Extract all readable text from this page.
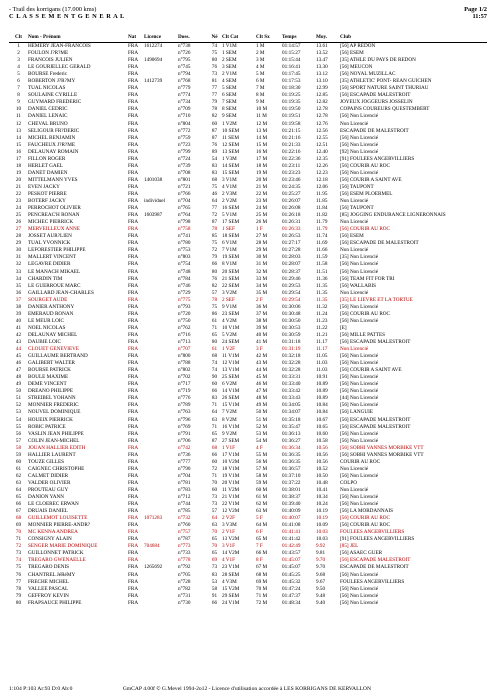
- Trail des korrigans (17.000 kms)
C L A S S E M E N T G E N E R A L
Page 1/2
11:57
Clt	Nom - Prénom	Nat	Licence	Doss.	Né	Clt Cat	Clt Sx	Temps	Moy.	Club
1	HEMERY JEAN-FRANCOIS	FRA	1612274	n°738	74	1 V1M	1 M	01:14:57	13.61	[56] AP REDON
2	FOULON J?R?ME	FRA		n°726	75	1 SEM	2 M	01:15:27	13.52	[56] ESEM
3	FRANCOIS JULIEN	FRA	1490694	n°795	80	2 SEM	3 M	01:15:44	13.47	[35] ATHLE DU PAYS DE REDON
4	LE GOURIELLEC GERALD	FRA		n°745	76	3 SEM	4 M	01:16:41	13.30	[56] MEUCON
5	BOURSE Frederic	FRA		n°794	73	2 V1M	5 M	01:17:45	13.12	[56] NOYAL MUZILLAC
6	ROBERTON J?R?MY	FRA	1412739	n°768	81	4 SEM	6 M	01:17:53	13.10	[35] ATHLETIC' PONT- REAN GUICHEN
7	TUAL NICOLAS	FRA		n°779	77	5 SEM	7 M	01:18:30	12.99	[56] SPORT NATURE SAINT THURIAU
8	SOULAINE CYRILLE	FRA		n°774	77	6 SEM	8 M	01:19:25	12.85	[56] ESCAPADE MALESTROIT
9	GUYMARD FREDERIC	FRA		n°734	79	7 SEM	9 M	01:19:35	12.82	JOYEUX JOGGEURS JOSSELIN
10	DANIEL CEDRIC	FRA		n°709	78	8 SEM	10 M	01:19:50	12.78	COPAINS COUREURS QUESTEMBERT
11	DANIEL LENAIC	FRA		n°710	82	9 SEM	11 M	01:19:51	12.78	[56] Non Licencié
12	CHEVAL BRUNO	FRA		n°804	60	1 V2M	12 M	01:19:58	12.76	Non Licencié
13	SELIGOUR FR?DERIC	FRA		n°772	87	10 SEM	13 M	01:21:15	12.56	ESCAPADE DE MALESTROIT
14	MICHEL BENJAMIN	FRA		n°759	87	11 SEM	14 M	01:21:16	12.55	[56] Non Licencié
15	FAUCHEUX J?R?ME	FRA		n°723	76	12 SEM	15 M	01:21:33	12.51	[56] Non Licencié
16	DELAUNAY ROMAIN	FRA		n°799	89	13 SEM	16 M	01:22:16	12.40	[92] Non Licencié
17	FILLON ROGER	FRA		n°724	54	1 V3M	17 M	01:22:36	12.35	[91] FOULEES ANGERVILLIERS
18	HERLET GAEL	FRA		n°739	83	14 SEM	18 M	01:23:11	12.26	[56] COURIR AU ROC
19	DANET DAMIEN	FRA		n°708	83	15 SEM	19 M	01:23:23	12.23	[56] Non Licencié
20	MITTELMANN YVES	FRA	1401038	n°801	68	3 V1M	20 M	01:23:46	12.18	[56] COURIR A SAINT AVE
21	EVEN JACKY	FRA		n°721	75	4 V1M	21 M	01:24:35	12.06	[56] TAUPONT
22	PESKOT PIERRE	FRA		n°766	46	2 V3M	22 M	01:25:27	11.95	[56] ESEM PLOERMEL
23	BOTERF JACKY	FRA	individuel	n°704	64	2 V2M	23 M	01:26:07	11.85	Non Licencié
24	PERROCHOT OLIVIER	FRA		n°765	77	16 SEM	24 M	01:26:08	11.84	[56] TAUPONT
25	PENCREAC'H RONAN	FRA	1603987	n°764	72	5 V1M	25 M	01:26:18	11.82	[85] JOGGING ENDURANCE LIGNERONNAIS
26	MICHEC PIERRICK	FRA		n°798	87	17 SEM	26 M	01:26:31	11.79	Non Licencié
27	MERVEILLEUX ANNE	FRA		n°758	78	1 SEF	1 F	01:26:33	11.79	[56] COURIR AU ROC
28	JOSSET AUR?LIEN	FRA		n°741	85	18 SEM	27 M	01:26:53	11.74	[56] ESEM
29	TUAL YVONNICK	FRA		n°780	75	6 V1M	28 M	01:27:17	11.69	[56] ESCAPADE DE MALESTROIT
30	LEFORESTIER PHILIPPE	FRA		n°753	72	7 V1M	29 M	01:27:28	11.66	Non Licencié
31	MALLERT VINCENT	FRA		n°803	79	19 SEM	30 M	01:28:03	11.59	[35] Non Licencié
32	LEGAVRE DIDIER	FRA		n°754	66	8 V1M	31 M	01:28:07	11.58	[56] Non Licencié
33	LE MANACH MIKAEL	FRA		n°748	80	20 SEM	32 M	01:28:37	11.51	[56] Non Licencié
34	CHARDIN TIM	FRA		n°784	76	21 SEM	33 M	01:29:46	11.36	[56] TEAM FIT FOR TRI
35	LE GUERROUE MARC	FRA		n°746	82	22 SEM	34 M	01:29:53	11.35	[56] WALLABIS
36	GAILLARD JEAN-CHARLES	FRA		n°729	57	3 V2M	35 M	01:29:54	11.35	Non Licencié
37	SOURGET AUDE	FRA		n°775	78	2 SEF	2 F	01:29:54	11.35	[35] LE LIEVRE ET LA TORTUE
38	DANIER ANTHONY	FRA		n°793	75	9 V1M	36 M	01:30:06	11.32	[56] Non Licencié
39	EMERAUD RONAN	FRA		n°720	86	23 SEM	37 M	01:30:48	11.24	[56] COURIR AU ROC
40	LE MEUR LOIC	FRA		n°750	61	4 V2M	38 M	01:30:50	11.23	[56] Non Licencié
41	NOEL NICOLAS	FRA		n°762	71	10 V1M	39 M	01:30:53	11.22	[E]
42	DELAUNAY MICHEL	FRA		n°716	65	5 V2M	40 M	01:30:59	11.21	[56] MILLE PATTES
43	DAUBIE LOIC	FRA		n°713	80	24 SEM	41 M	01:31:18	11.17	[56] ESCAPADE MALESTROIT
44	CLOUET GENEVIEVE	FRA		n°707	61	1 V2F	3 F	01:31:19	11.17	Non Licencié
45	GUILLAUME BERTRAND	FRA		n°800	68	11 V1M	42 M	01:32:18	11.05	[56] Non Licencié
46	GALIBERT WALTER	FRA		n°788	74	12 V1M	43 M	01:32:28	11.03	[56] Non Licencié
47	BOURSE PATRICK	FRA		n°802	74	13 V1M	44 M	01:32:28	11.03	[56] COURIR A SAINT AVE
48	BOULE MAXIME	FRA		n°702	90	25 SEM	45 M	01:33:31	10.91	[56] Non Licencié
49	DEMÉ VINCENT	FRA		n°717	60	6 V2M	46 M	01:33:40	10.89	[56] Non Licencié
50	DREANO PHILIPPE	FRA		n°719	66	14 V1M	47 M	01:33:42	10.89	[56] Non Licencié
51	STREIBEL YOHANN	FRA		n°776	83	26 SEM	48 M	01:33:43	10.89	[44] Non Licencié
52	MONNIER FREDERIC	FRA		n°789	71	15 V1M	49 M	01:34:05	10.84	[56] Non Licencié
53	NOUVEL DOMINIQUE	FRA		n°763	64	7 V2M	50 M	01:34:07	10.84	[56] LANGUIE
54	HOUEIX PIERRICK	FRA		n°796	63	8 V2M	51 M	01:35:18	10.67	[56] ESCAPADE MALESTROIT
55	ROBIC PATRICE	FRA		n°769	71	16 V1M	52 M	01:35:47	10.65	[56] ESCAPADE MALESTROIT
56	VASLIN JEAN PHILIPPE	FRA		n°791	65	9 V2M	53 M	01:36:13	10.60	[56] Non Licencié
57	COLIN JEAN-MICHEL	FRA		n°706	87	27 SEM	54 M	01:36:27	10.58	[56] Non Licencié
58	JOUAN HALLIER EDITH	FRA		n°742	68	1 V1F	4 F	01:36:34	10.56	[56] SOBHI VANNES MORBIKE VTT
59	HALLIER LAURENT	FRA		n°736	66	17 V1M	55 M	01:36:35	10.56	[56] SOBHI VANNES MORBIKE VTT
60	TOUZE GILLES	FRA		n°777	60	10 V2M	56 M	01:36:35	10.56	COURIR AU ROC
61	CAIGNEC CHRISTOPHE	FRA		n°790	72	18 V1M	57 M	01:36:57	10.52	Non Licencié
62	CALMET DIDIER	FRA		n°704	71	19 V1M	58 M	01:37:10	10.50	[56] Non Licencié
63	VALDER OLIVIER	FRA		n°781	70	20 V1M	59 M	01:37:22	10.48	COLPO
64	PROUTEAU GUY	FRA		n°783	60	11 V2M	60 M	01:38:01	10.41	Non Licencié
65	DANION YANN	FRA		n°712	73	21 V1M	61 M	01:38:37	10.34	[56] Non Licencié
66	LE CLOËREC ERWAN	FRA		n°744	73	22 V1M	62 M	01:39:40	10.24	[56] Non Licencié
67	DRUAIS DANIEL	FRA		n°785	57	12 V2M	63 M	01:40:09	10.19	[56] LA MORDANNAIS
68	GUILLEMOT LOUISETTE	FRA	1071283	n°732	64	2 V2F	5 F	01:40:07	10.19	[56] COURIR AU ROC
69	MONNIER PIERRE-ANDR?	FRA		n°760	63	3 V3M	64 M	01:41:08	10.09	[56] COURIR AU ROC
70	MC KENNA ANDREA	FRA		n°757	70	2 V1F	6 F	01:41:41	10.03	FOULEES ANGERVILLIERS
71	CONSIGNY ALAIN	FRA		n°787	65	13 V2M	65 M	01:41:42	10.03	[91] FOULEES ANGERVILLIERS
72	SENGER MARIE DOMINIQUE	FRA	704684	n°773	70	3 V1F	7 F	01:42:49	9.92	[85] JEL
73	GUILLONNET PATRICK	FRA		n°733	65	14 V2M	66 M	01:43:57	9.81	[56] ASAEC GUER
74	TREGARO GWENAELLE	FRA		n°778	69	4 V1F	8 F	01:45:07	9.70	[56] ESCAPADE MALESTROIT
75	TREGARO DENIS	FRA	1265692	n°792	73	23 V1M	67 M	01:45:07	9.70	ESCAPADE DE MALESTROIT
76	CHANTREL JéRéMY	FRA		n°705	83	28 SEM	68 M	01:45:25	9.68	[56] Non Licencié
77	FRECHE MICHEL	FRA		n°728	53	4 V3M	69 M	01:45:32	9.67	FOULEES ANGERVILLIERS
78	VALLEE PASCAL	FRA		n°782	58	15 V2M	70 M	01:47:24	9.50	[56] Non Licencié
79	GEFFROY KEVIN	FRA		n°731	91	29 SEM	71 M	01:47:37	9.48	[56] Non Licencié
80	FRAPSAUCE PHILIPPE	FRA		n°730	66	24 V1M	72 M	01:48:34	9.40	[56] Non Licencié
1:104 P:103 Ar:93 D:0 Ab:0                                    GmCAP 4.00f © G.Mevel 1994-2o12 - Licence d'utilisation accordée à LES KORRIGANS DE KERVALLON
